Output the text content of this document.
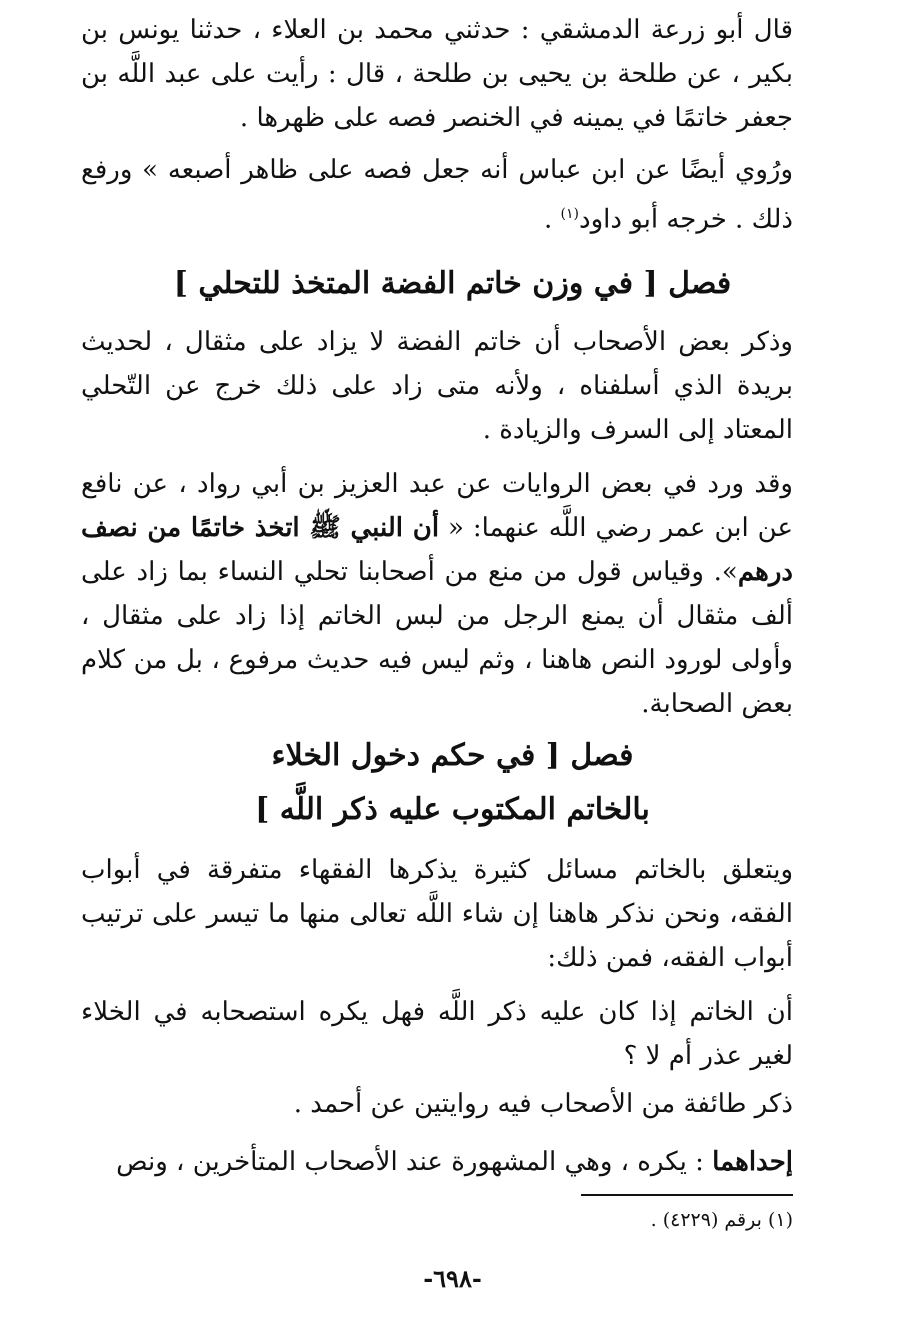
قال أبو زرعة الدمشقي : حدثني محمد بن العلاء ، حدثنا يونس بن بكير ، عن طلحة بن يحيى بن طلحة ، قال : رأيت على عبد اللَّه بن جعفر خاتمًا في يمينه في الخنصر فصه على ظهرها .

ورُوي أيضًا عن ابن عباس أنه جعل فصه على ظاهر أصبعه » ورفع ذلك . خرجه أبو داود$^{(١)}$ .

فصل [ في وزن خاتم الفضة المتخذ للتحلي ]

وذكر بعض الأصحاب أن خاتم الفضة لا يزاد على مثقال ، لحديث بريدة الذي أسلفناه ، ولأنه متى زاد على ذلك خرج عن التّحلي المعتاد إلى السرف والزيادة .

وقد ورد في بعض الروايات عن عبد العزيز بن أبي رواد ، عن نافع عن ابن عمر رضي اللَّه عنهما: « أن النبي ﷺ اتخذ خاتمًا من نصف درهم». وقياس قول من منع من أصحابنا تحلي النساء بما زاد على ألف مثقال أن يمنع الرجل من لبس الخاتم إذا زاد على مثقال ، وأولى لورود النص هاهنا ، وثم ليس فيه حديث مرفوع ، بل من كلام بعض الصحابة.

فصل [ في حكم دخول الخلاء
بالخاتم المكتوب عليه ذكر اللَّه ]

ويتعلق بالخاتم مسائل كثيرة يذكرها الفقهاء متفرقة في أبواب الفقه، ونحن نذكر هاهنا إن شاء اللَّه تعالى منها ما تيسر على ترتيب أبواب الفقه، فمن ذلك:

أن الخاتم إذا كان عليه ذكر اللَّه فهل يكره استصحابه في الخلاء لغير عذر أم لا ؟

ذكر طائفة من الأصحاب فيه روايتين عن أحمد .

إحداهما : يكره ، وهي المشهورة عند الأصحاب المتأخرين ، ونص

(١) برقم (٤٢٢٩) .

-٦٩٨-
